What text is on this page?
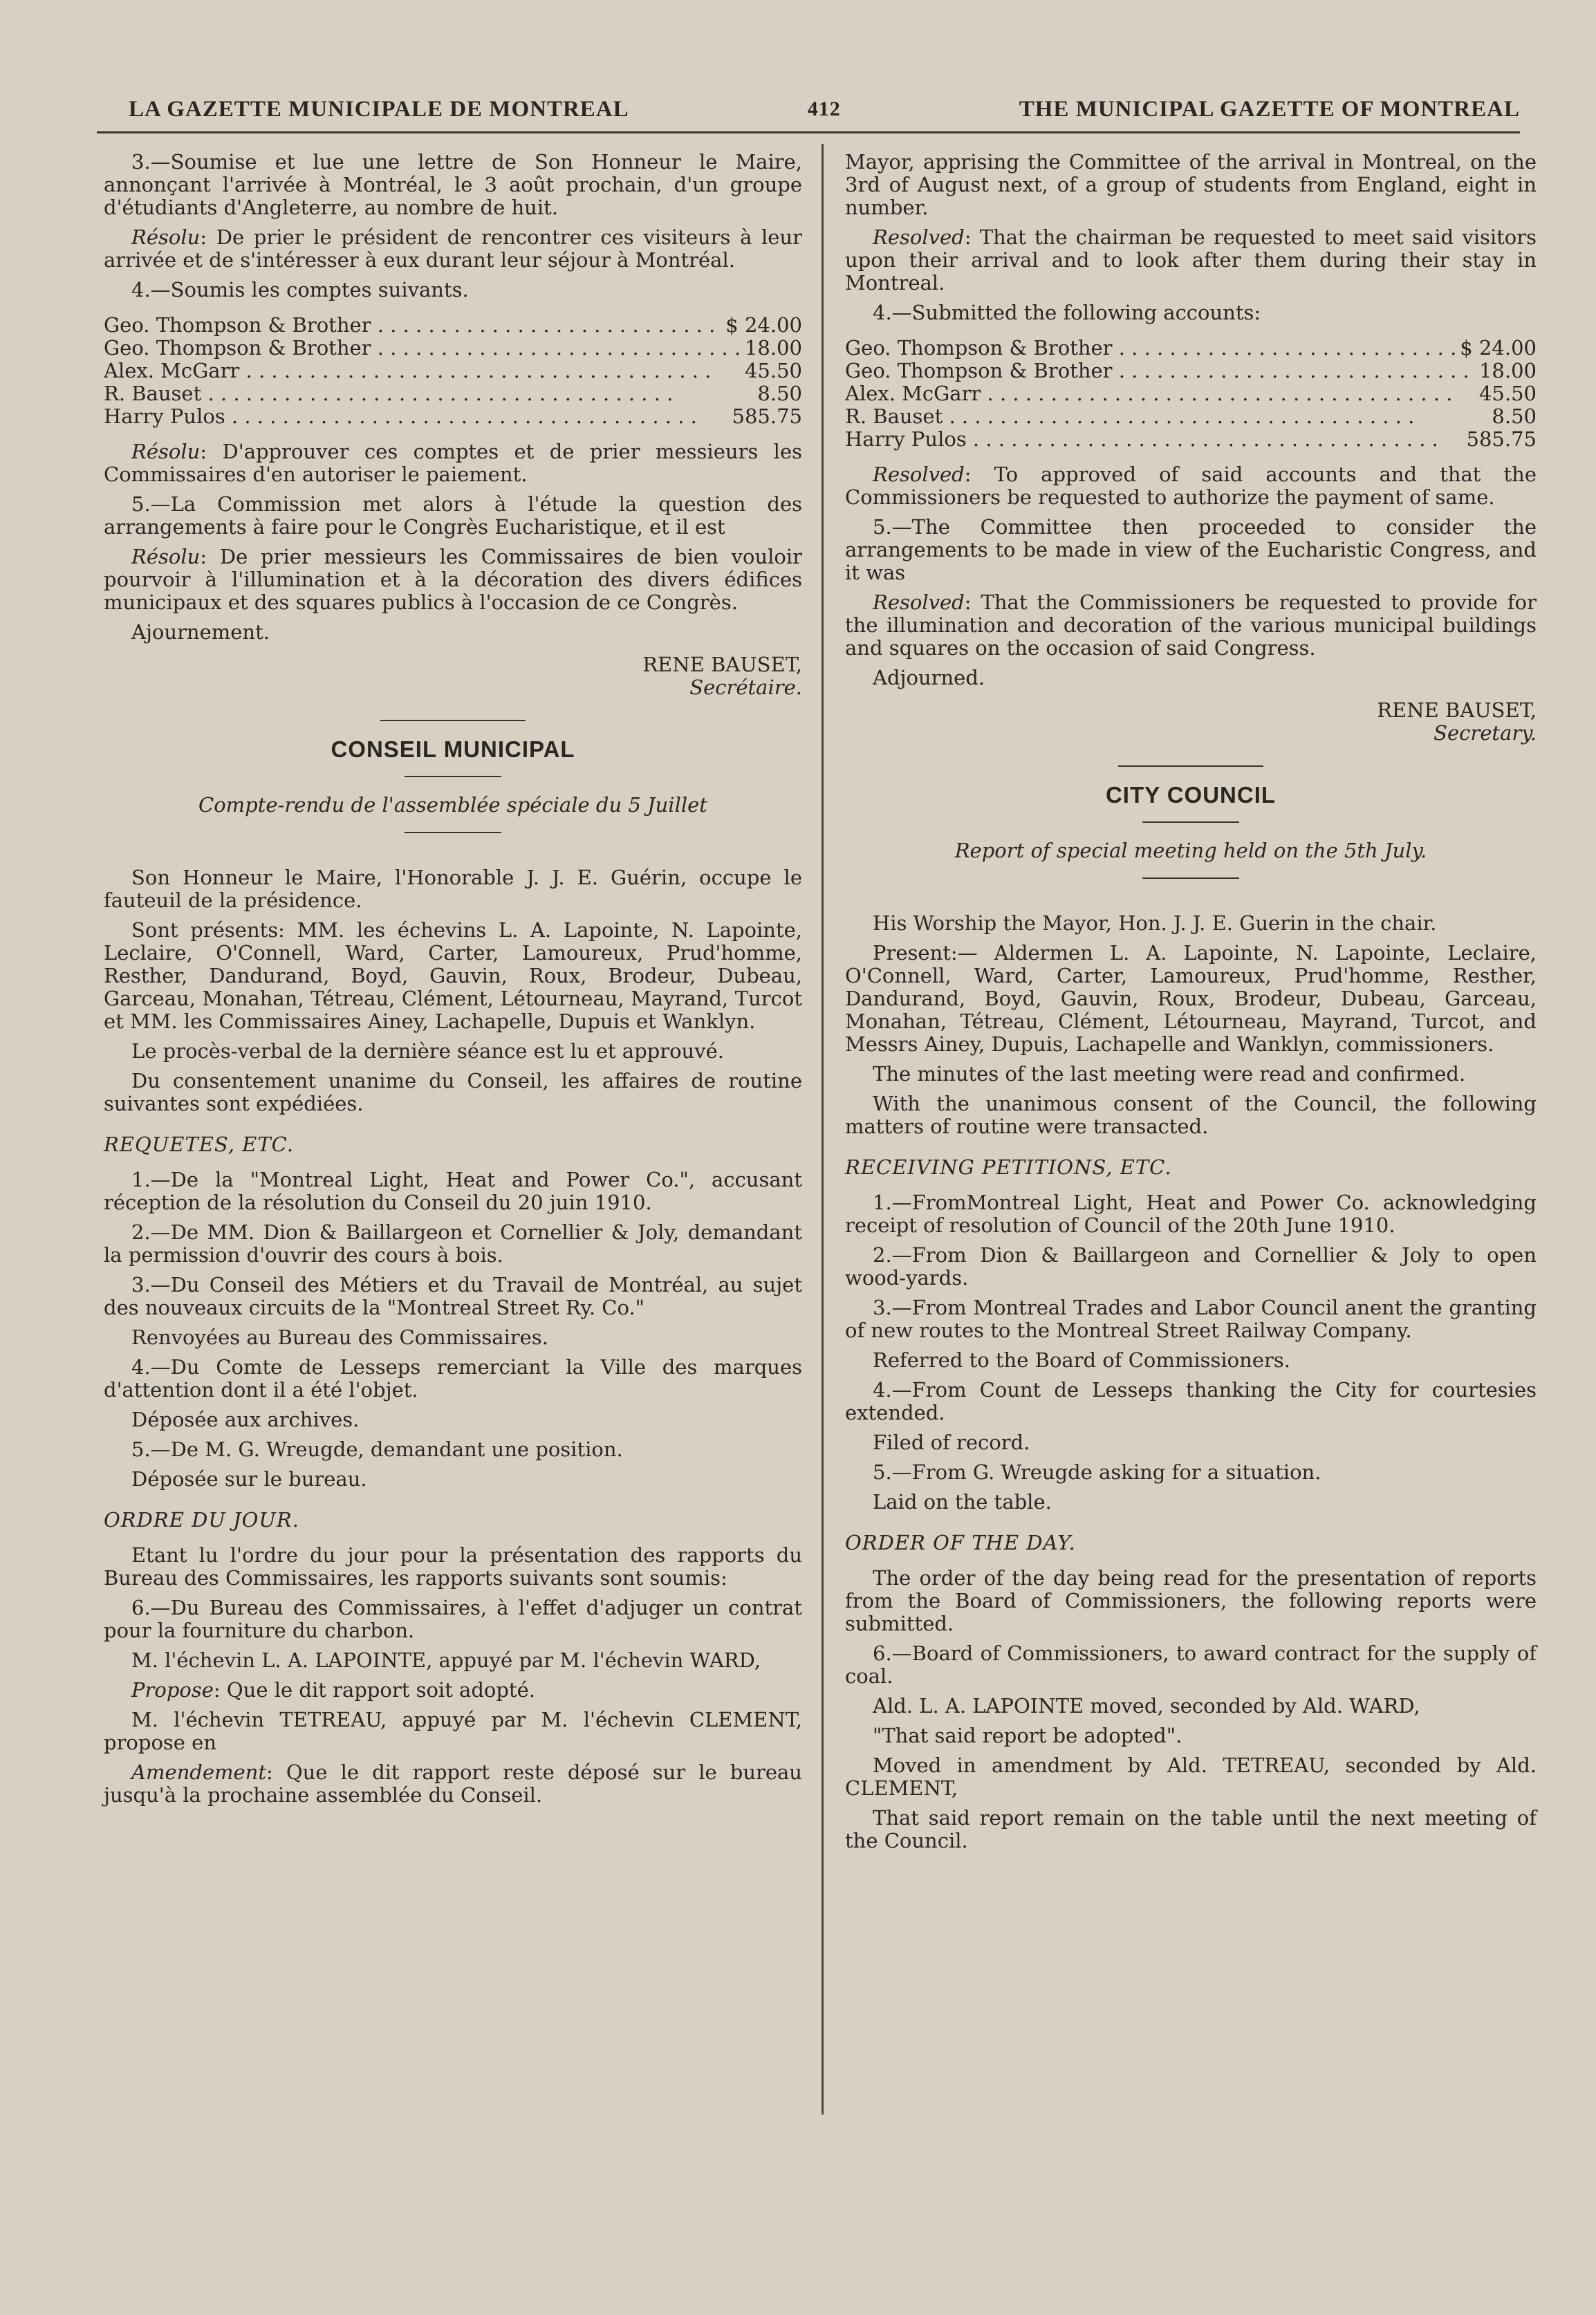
LA GAZETTE MUNICIPALE DE MONTREAL	412	THE MUNICIPAL GAZETTE OF MONTREAL

3.—Soumise et lue une lettre de Son Honneur le Maire, annonçant l'arrivée à Montréal, le 3 août prochain, d'un groupe d'étudiants d'Angleterre, au nombre de huit.

Résolu: De prier le président de rencontrer ces visiteurs à leur arrivée et de s'intéresser à eux durant leur séjour à Montréal.

4.—Soumis les comptes suivants.

Geo. Thompson & Brother . . .	$ 24.00
Geo. Thompson & Brother . . .	18.00
Alex. McGarr . . .	45.50
R. Bauset . . .	8.50
Harry Pulos . . .	585.75

Résolu: D'approuver ces comptes et de prier messieurs les Commissaires d'en autoriser le paiement.

5.—La Commission met alors à l'étude la question des arrangements à faire pour le Congrès Eucharistique, et il est

Résolu: De prier messieurs les Commissaires de bien vouloir pourvoir à l'illumination et à la décoration des divers édifices municipaux et des squares publics à l'occasion de ce Congrès.

Ajournement.

RENE BAUSET,

Secrétaire.

CONSEIL MUNICIPAL

Compte-rendu de l'assemblée spéciale du 5 Juillet

Son Honneur le Maire, l'Honorable J. J. E. Guérin, occupe le fauteuil de la présidence.

Sont présents: MM. les échevins L. A. Lapointe, N. Lapointe, Leclaire, O'Connell, Ward, Carter, Lamoureux, Prud'homme, Resther, Dandurand, Boyd, Gauvin, Roux, Brodeur, Dubeau, Garceau, Monahan, Tétreau, Clément, Létourneau, Mayrand, Turcot et MM. les Commissaires Ainey, Lachapelle, Dupuis et Wanklyn.

Le procès-verbal de la dernière séance est lu et approuvé.

Du consentement unanime du Conseil, les affaires de routine suivantes sont expédiées.

REQUETES, ETC.

1.—De la "Montreal Light, Heat and Power Co.", accusant réception de la résolution du Conseil du 20 juin 1910.

2.—De MM. Dion & Baillargeon et Cornellier & Joly, demandant la permission d'ouvrir des cours à bois.

3.—Du Conseil des Métiers et du Travail de Montréal, au sujet des nouveaux circuits de la "Montreal Street Ry. Co."

Renvoyées au Bureau des Commissaires.

4.—Du Comte de Lesseps remerciant la Ville des marques d'attention dont il a été l'objet.

Déposée aux archives.

5.—De M. G. Wreugde, demandant une position.

Déposée sur le bureau.

ORDRE DU JOUR.

Etant lu l'ordre du jour pour la présentation des rapports du Bureau des Commissaires, les rapports suivants sont soumis:

6.—Du Bureau des Commissaires, à l'effet d'adjuger un contrat pour la fourniture du charbon.

M. l'échevin L. A. LAPOINTE, appuyé par M. l'échevin WARD,

Propose: Que le dit rapport soit adopté.

M. l'échevin TETREAU, appuyé par M. l'échevin CLEMENT, propose en

Amendement: Que le dit rapport reste déposé sur le bureau jusqu'à la prochaine assemblée du Conseil.

Mayor, apprising the Committee of the arrival in Montreal, on the 3rd of August next, of a group of students from England, eight in number.

Resolved: That the chairman be requested to meet said visitors upon their arrival and to look after them during their stay in Montreal.

4.—Submitted the following accounts:

Geo. Thompson & Brother . . .	$ 24.00
Geo. Thompson & Brother . . .	18.00
Alex. McGarr . . .	45.50
R. Bauset . . .	8.50
Harry Pulos . . .	585.75

Resolved: To approved of said accounts and that the Commissioners be requested to authorize the payment of same.

5.—The Committee then proceeded to consider the arrangements to be made in view of the Eucharistic Congress, and it was

Resolved: That the Commissioners be requested to provide for the illumination and decoration of the various municipal buildings and squares on the occasion of said Congress.

Adjourned.

RENE BAUSET,

Secretary.

CITY COUNCIL

Report of special meeting held on the 5th July.

His Worship the Mayor, Hon. J. J. E. Guerin in the chair.

Present:— Aldermen L. A. Lapointe, N. Lapointe, Leclaire, O'Connell, Ward, Carter, Lamoureux, Prud'homme, Resther, Dandurand, Boyd, Gauvin, Roux, Brodeur, Dubeau, Garceau, Monahan, Tétreau, Clément, Létourneau, Mayrand, Turcot, and Messrs Ainey, Dupuis, Lachapelle and Wanklyn, commissioners.

The minutes of the last meeting were read and confirmed.

With the unanimous consent of the Council, the following matters of routine were transacted.

RECEIVING PETITIONS, ETC.

1.—FromMontreal Light, Heat and Power Co. acknowledging receipt of resolution of Council of the 20th June 1910.

2.—From Dion & Baillargeon and Cornellier & Joly to open wood-yards.

3.—From Montreal Trades and Labor Council anent the granting of new routes to the Montreal Street Railway Company.

Referred to the Board of Commissioners.

4.—From Count de Lesseps thanking the City for courtesies extended.

Filed of record.

5.—From G. Wreugde asking for a situation.

Laid on the table.

ORDER OF THE DAY.

The order of the day being read for the presentation of reports from the Board of Commissioners, the following reports were submitted.

6.—Board of Commissioners, to award contract for the supply of coal.

Ald. L. A. LAPOINTE moved, seconded by Ald. WARD,

"That said report be adopted".

Moved in amendment by Ald. TETREAU, seconded by Ald. CLEMENT,

That said report remain on the table until the next meeting of the Council.
